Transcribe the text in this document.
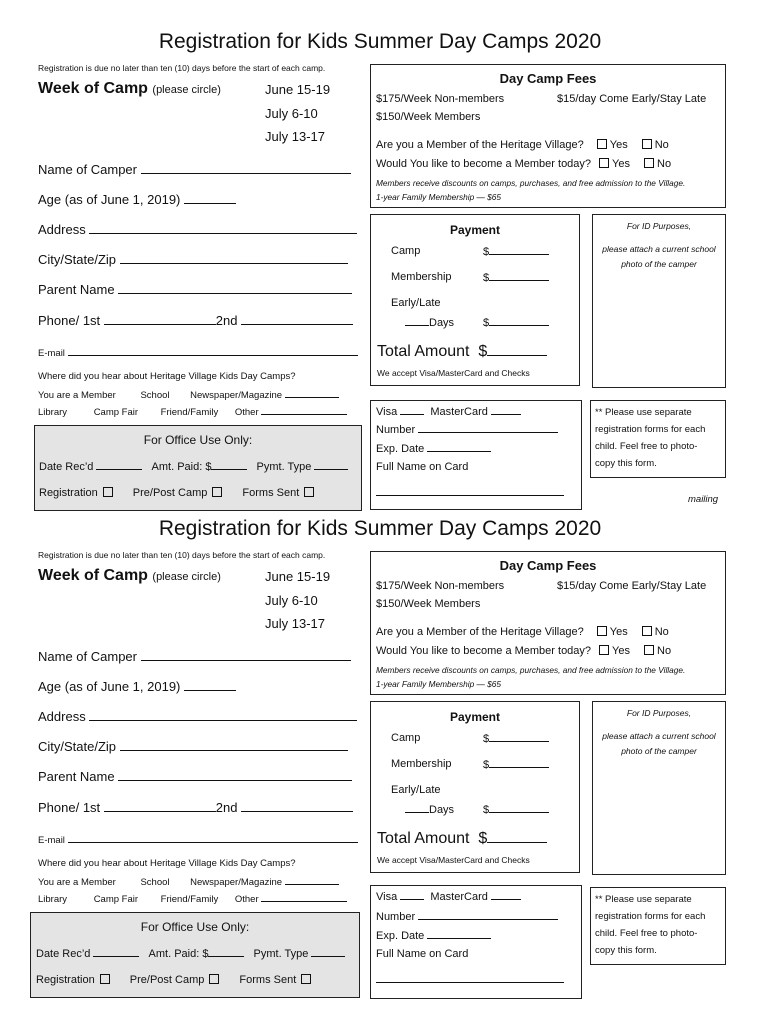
Registration for Kids Summer Day Camps 2020
Registration is due no later than ten (10) days before the start of each camp.
Week of Camp (please circle)	June 15-19
July 6-10
July 13-17
Name of Camper
Age (as of June 1, 2019)
Address
City/State/Zip
Parent Name
Phone/ 1st	2nd
E-mail
Where did you hear about Heritage Village Kids Day Camps?
You are a Member	School Newspaper/Magazine
Library	Camp Fair Friend/Family Other
For Office Use Only:
Date Rec’d	Amt. Paid: $	Pymt. Type
Registration	Pre/Post Camp	Forms Sent
Day Camp Fees
$175/Week Non-members	$15/day Come Early/Stay Late
$150/Week Members
Are you a Member of the Heritage Village? Yes No
Would You like to become a Member today? Yes No
Members receive discounts on camps, purchases, and free admission to the Village.
1-year Family Membership — $65
Payment
Camp	$
Membership	$
Early/Late
Days	$
Total Amount $
We accept Visa/MasterCard and Checks
For ID Purposes,
please attach a current school
photo of the camper
Visa	MasterCard
Number
Exp. Date
Full Name on Card
** Please use separate
registration forms for each
child. Feel free to photo-
copy this form.
mailing
Registration for Kids Summer Day Camps 2020
Registration is due no later than ten (10) days before the start of each camp.
Week of Camp (please circle)	June 15-19
July 6-10
July 13-17
Name of Camper
Age (as of June 1, 2019)
Address
City/State/Zip
Parent Name
Phone/ 1st	2nd
E-mail
Where did you hear about Heritage Village Kids Day Camps?
You are a Member	School Newspaper/Magazine
Library	Camp Fair Friend/Family Other
For Office Use Only:
Date Rec’d	Amt. Paid: $	Pymt. Type
Registration	Pre/Post Camp	Forms Sent
Day Camp Fees
$175/Week Non-members	$15/day Come Early/Stay Late
$150/Week Members
Are you a Member of the Heritage Village? Yes No
Would You like to become a Member today? Yes No
Members receive discounts on camps, purchases, and free admission to the Village.
1-year Family Membership — $65
Payment
Camp	$
Membership	$
Early/Late
Days	$
Total Amount $
We accept Visa/MasterCard and Checks
For ID Purposes,
please attach a current school
photo of the camper
Visa	MasterCard
Number
Exp. Date
Full Name on Card
** Please use separate
registration forms for each
child. Feel free to photo-
copy this form.
